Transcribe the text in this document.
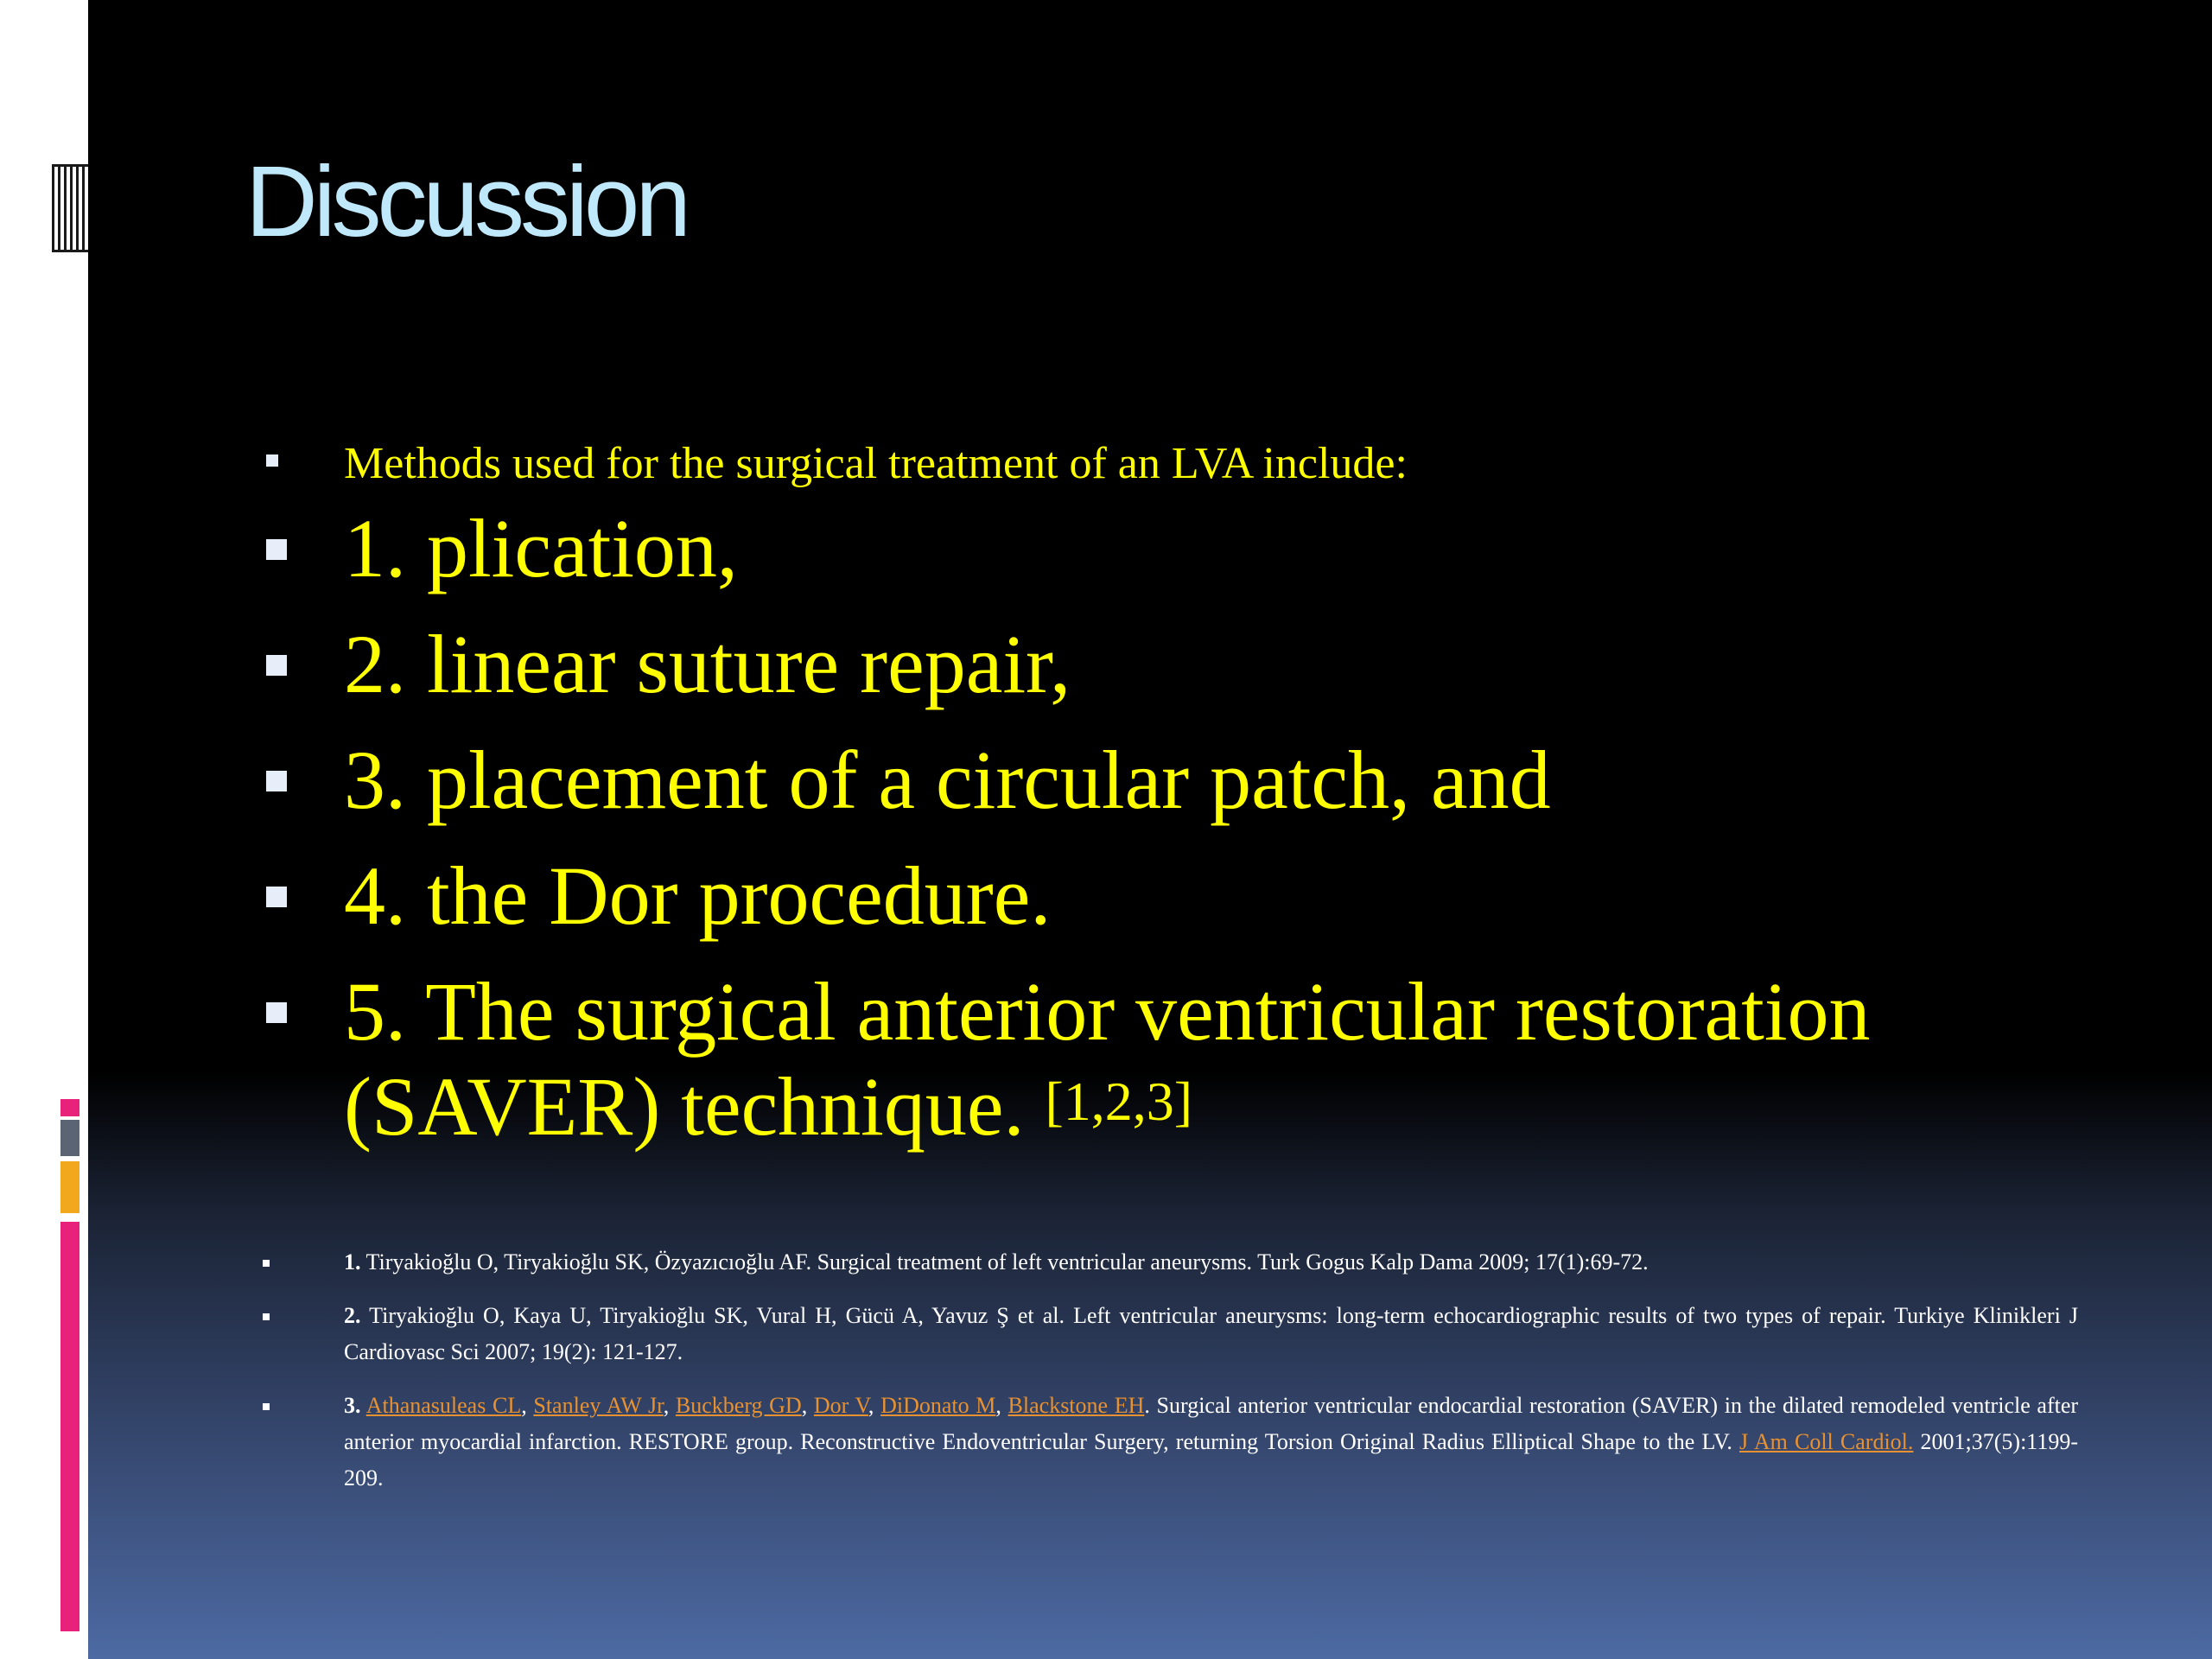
Discussion
Methods used for the surgical treatment of an LVA include:
1. plication,
2. linear suture repair,
3. placement of a circular patch, and
4. the Dor procedure.
5. The surgical anterior ventricular restoration (SAVER) technique. [1,2,3]
1. Tiryakioğlu O, Tiryakioğlu SK, Özyazıcıoğlu AF. Surgical treatment of left ventricular aneurysms. Turk Gogus Kalp Dama 2009; 17(1):69-72.
2. Tiryakioğlu O, Kaya U, Tiryakioğlu SK, Vural H, Gücü A, Yavuz Ş et al. Left ventricular aneurysms: long-term echocardiographic results of two types of repair. Turkiye Klinikleri J Cardiovasc Sci 2007; 19(2): 121-127.
3. Athanasuleas CL, Stanley AW Jr, Buckberg GD, Dor V, DiDonato M, Blackstone EH. Surgical anterior ventricular endocardial restoration (SAVER) in the dilated remodeled ventricle after anterior myocardial infarction. RESTORE group. Reconstructive Endoventricular Surgery, returning Torsion Original Radius Elliptical Shape to the LV. J Am Coll Cardiol. 2001;37(5):1199-209.
